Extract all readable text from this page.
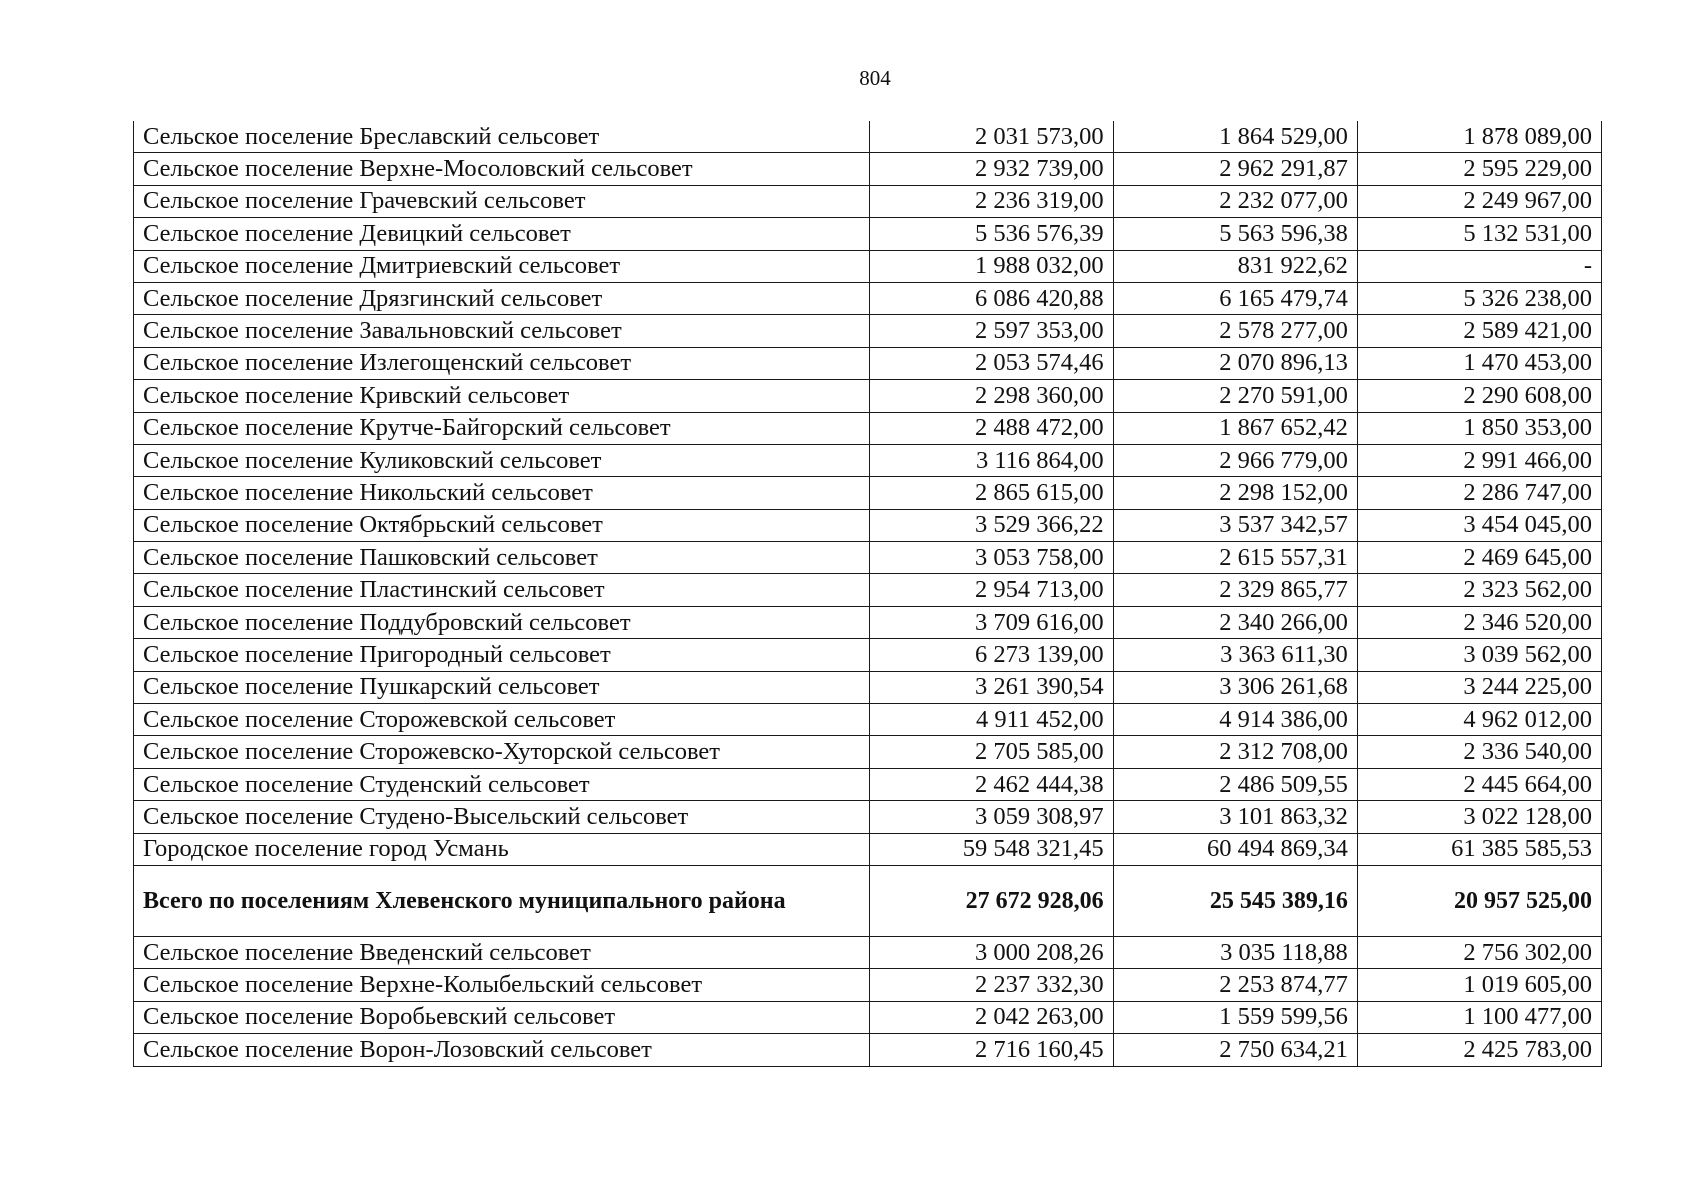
804
Сельское поселение Бреславский сельсовет	2 031 573,00	1 864 529,00	1 878 089,00
Сельское поселение Верхне-Мосоловский сельсовет	2 932 739,00	2 962 291,87	2 595 229,00
Сельское поселение Грачевский сельсовет	2 236 319,00	2 232 077,00	2 249 967,00
Сельское поселение Девицкий сельсовет	5 536 576,39	5 563 596,38	5 132 531,00
Сельское поселение Дмитриевский сельсовет	1 988 032,00	831 922,62	-
Сельское поселение Дрязгинский сельсовет	6 086 420,88	6 165 479,74	5 326 238,00
Сельское поселение Завальновский сельсовет	2 597 353,00	2 578 277,00	2 589 421,00
Сельское поселение Излегощенский сельсовет	2 053 574,46	2 070 896,13	1 470 453,00
Сельское поселение Кривский сельсовет	2 298 360,00	2 270 591,00	2 290 608,00
Сельское поселение Крутче-Байгорский сельсовет	2 488 472,00	1 867 652,42	1 850 353,00
Сельское поселение Куликовский сельсовет	3 116 864,00	2 966 779,00	2 991 466,00
Сельское поселение Никольский сельсовет	2 865 615,00	2 298 152,00	2 286 747,00
Сельское поселение Октябрьский сельсовет	3 529 366,22	3 537 342,57	3 454 045,00
Сельское поселение Пашковский сельсовет	3 053 758,00	2 615 557,31	2 469 645,00
Сельское поселение Пластинский сельсовет	2 954 713,00	2 329 865,77	2 323 562,00
Сельское поселение Поддубровский сельсовет	3 709 616,00	2 340 266,00	2 346 520,00
Сельское поселение Пригородный сельсовет	6 273 139,00	3 363 611,30	3 039 562,00
Сельское поселение Пушкарский сельсовет	3 261 390,54	3 306 261,68	3 244 225,00
Сельское поселение Сторожевской сельсовет	4 911 452,00	4 914 386,00	4 962 012,00
Сельское поселение Сторожевско-Хуторской сельсовет	2 705 585,00	2 312 708,00	2 336 540,00
Сельское поселение Студенский сельсовет	2 462 444,38	2 486 509,55	2 445 664,00
Сельское поселение Студено-Высельский сельсовет	3 059 308,97	3 101 863,32	3 022 128,00
Городское поселение город Усмань	59 548 321,45	60 494 869,34	61 385 585,53
Всего по поселениям Хлевенского муниципального района	27 672 928,06	25 545 389,16	20 957 525,00
Сельское поселение Введенский сельсовет	3 000 208,26	3 035 118,88	2 756 302,00
Сельское поселение Верхне-Колыбельский сельсовет	2 237 332,30	2 253 874,77	1 019 605,00
Сельское поселение Воробьевский сельсовет	2 042 263,00	1 559 599,56	1 100 477,00
Сельское поселение Ворон-Лозовский сельсовет	2 716 160,45	2 750 634,21	2 425 783,00
